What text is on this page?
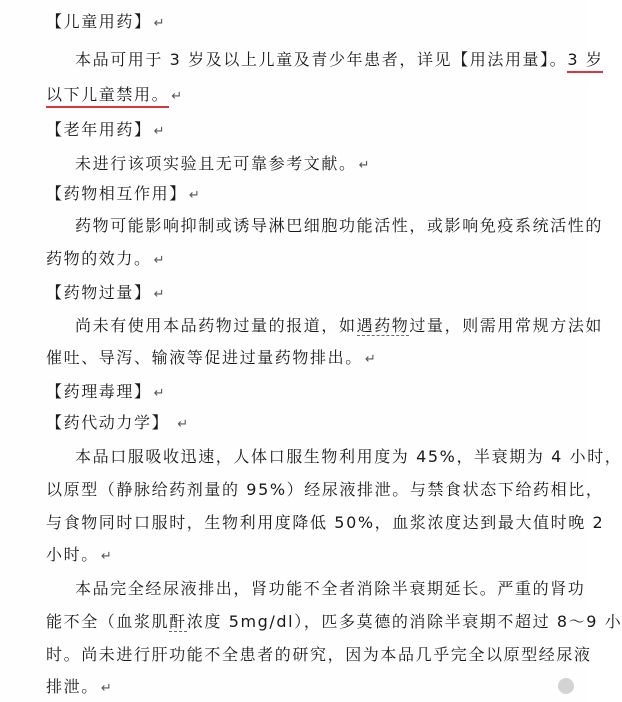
【儿童用药】 ↵
本品可用于 3 岁及以上儿童及青少年患者，详见【用法用量】。3 岁
以下儿童禁用。 ↵
【老年用药】 ↵
未进行该项实验且无可靠参考文献。 ↵
【药物相互作用】 ↵
药物可能影响抑制或诱导淋巴细胞功能活性，或影响免疫系统活性的
药物的效力。 ↵
【药物过量】 ↵
尚未有使用本品药物过量的报道，如遇药物过量，则需用常规方法如
催吐、导泻、输液等促进过量药物排出。 ↵
【药理毒理】 ↵
【药代动力学】 ↵
本品口服吸收迅速，人体口服生物利用度为 45%，半衰期为 4 小时，
以原型（静脉给药剂量的 95%）经尿液排泄。与禁食状态下给药相比，
与食物同时口服时，生物利用度降低 50%，血浆浓度达到最大值时晚 2
小时。 ↵
本品完全经尿液排出，肾功能不全者消除半衰期延长。严重的肾功
能不全（血浆肌酐浓度 5mg/dl），匹多莫德的消除半衰期不超过 8～9 小
时。尚未进行肝功能不全患者的研究，因为本品几乎完全以原型经尿液
排泄。 ↵
